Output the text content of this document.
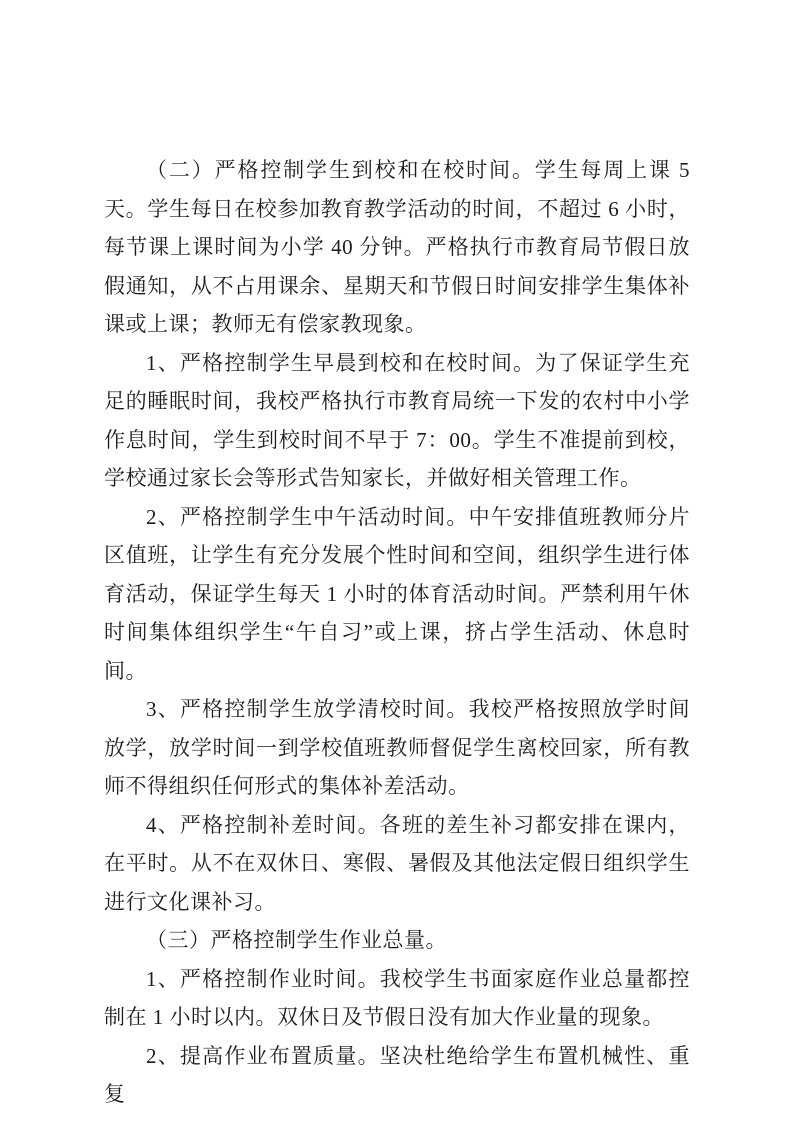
（二）严格控制学生到校和在校时间。学生每周上课 5 天。学生每日在校参加教育教学活动的时间，不超过 6 小时，每节课上课时间为小学 40 分钟。严格执行市教育局节假日放假通知，从不占用课余、星期天和节假日时间安排学生集体补课或上课；教师无有偿家教现象。

1、严格控制学生早晨到校和在校时间。为了保证学生充足的睡眠时间，我校严格执行市教育局统一下发的农村中小学作息时间，学生到校时间不早于 7：00。学生不准提前到校，学校通过家长会等形式告知家长，并做好相关管理工作。

2、严格控制学生中午活动时间。中午安排值班教师分片区值班，让学生有充分发展个性时间和空间，组织学生进行体育活动，保证学生每天 1 小时的体育活动时间。严禁利用午休时间集体组织学生“午自习”或上课，挤占学生活动、休息时间。

3、严格控制学生放学清校时间。我校严格按照放学时间放学，放学时间一到学校值班教师督促学生离校回家，所有教师不得组织任何形式的集体补差活动。

4、严格控制补差时间。各班的差生补习都安排在课内，在平时。从不在双休日、寒假、暑假及其他法定假日组织学生进行文化课补习。

（三）严格控制学生作业总量。

1、严格控制作业时间。我校学生书面家庭作业总量都控制在 1 小时以内。双休日及节假日没有加大作业量的现象。

2、提高作业布置质量。坚决杜绝给学生布置机械性、重复
